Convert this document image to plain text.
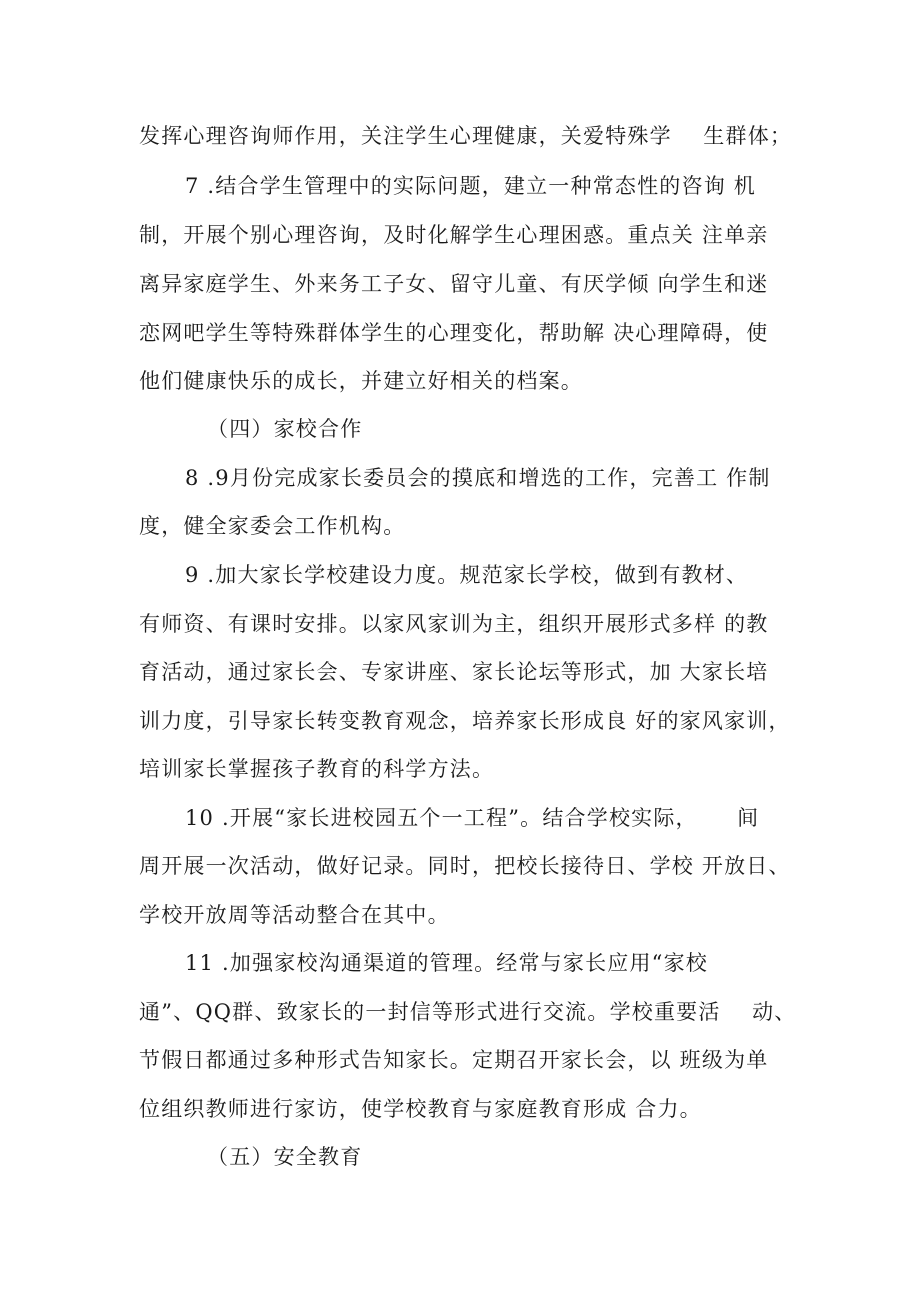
发挥心理咨询师作用，关注学生心理健康，关爱特殊学    生群体；
7 .结合学生管理中的实际问题，建立一种常态性的咨询 机
制，开展个别心理咨询，及时化解学生心理困惑。重点关 注单亲
离异家庭学生、外来务工子女、留守儿童、有厌学倾 向学生和迷
恋网吧学生等特殊群体学生的心理变化，帮助解 决心理障碍，使
他们健康快乐的成长，并建立好相关的档案。
（四）家校合作
8 .9月份完成家长委员会的摸底和增选的工作，完善工 作制
度，健全家委会工作机构。
9 .加大家长学校建设力度。规范家长学校，做到有教材、
有师资、有课时安排。以家风家训为主，组织开展形式多样 的教
育活动，通过家长会、专家讲座、家长论坛等形式，加 大家长培
训力度，引导家长转变教育观念，培养家长形成良 好的家风家训，
培训家长掌握孩子教育的科学方法。
10 .开展“家长进校园五个一工程”。结合学校实际，     间
周开展一次活动，做好记录。同时，把校长接待日、学校 开放日、
学校开放周等活动整合在其中。
11 .加强家校沟通渠道的管理。经常与家长应用“家校
通”、QQ群、致家长的一封信等形式进行交流。学校重要活    动、
节假日都通过多种形式告知家长。定期召开家长会，以 班级为单
位组织教师进行家访，使学校教育与家庭教育形成 合力。
（五）安全教育
